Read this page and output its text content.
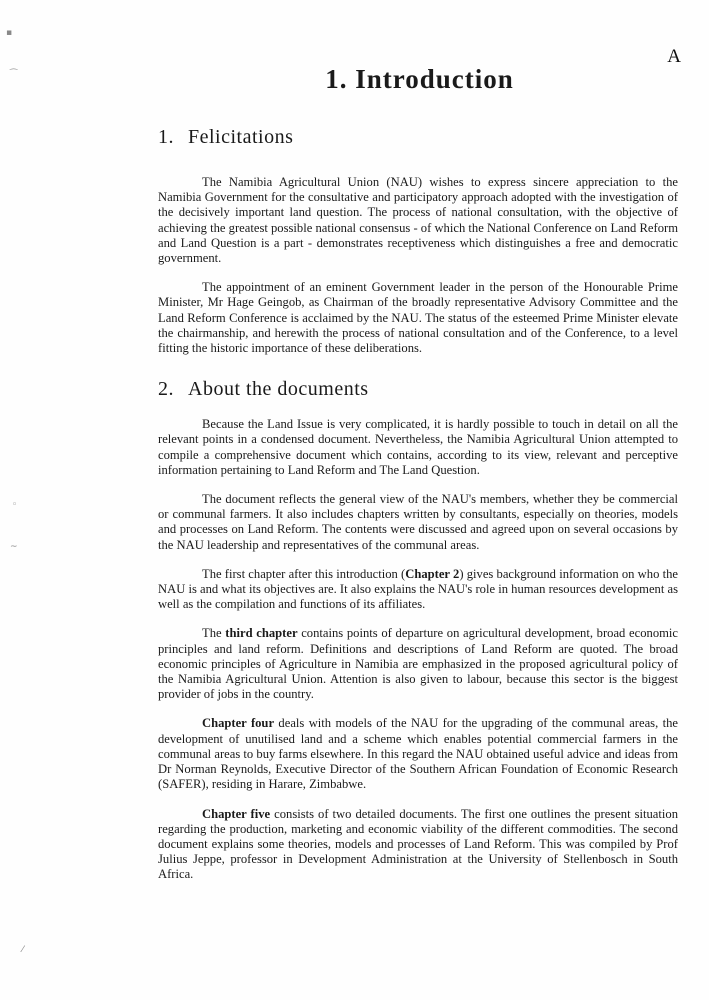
▪
⁀
◦
~
⁄
A
1. Introduction
1. Felicitations

The Namibia Agricultural Union (NAU) wishes to express sincere appreciation to the Namibia Government for the consultative and participatory approach adopted with the investigation of the decisively important land question. The process of national consultation, with the objective of achieving the greatest possible national consensus - of which the National Conference on Land Reform and Land Question is a part - demonstrates receptiveness which distinguishes a free and democratic government.

The appointment of an eminent Government leader in the person of the Honourable Prime Minister, Mr Hage Geingob, as Chairman of the broadly representative Advisory Committee and the Land Reform Conference is acclaimed by the NAU. The status of the esteemed Prime Minister elevate the chairmanship, and herewith the process of national consultation and of the Conference, to a level fitting the historic importance of these deliberations.

2. About the documents

Because the Land Issue is very complicated, it is hardly possible to touch in detail on all the relevant points in a condensed document. Nevertheless, the Namibia Agricultural Union attempted to compile a comprehensive document which contains, according to its view, relevant and perceptive information pertaining to Land Reform and The Land Question.

The document reflects the general view of the NAU's members, whether they be commercial or communal farmers. It also includes chapters written by consultants, especially on theories, models and processes on Land Reform. The contents were discussed and agreed upon on several occasions by the NAU leadership and representatives of the communal areas.

The first chapter after this introduction (Chapter 2) gives background information on who the NAU is and what its objectives are. It also explains the NAU's role in human resources development as well as the compilation and functions of its affiliates.

The third chapter contains points of departure on agricultural development, broad economic principles and land reform. Definitions and descriptions of Land Reform are quoted. The broad economic principles of Agriculture in Namibia are emphasized in the proposed agricultural policy of the Namibia Agricultural Union. Attention is also given to labour, because this sector is the biggest provider of jobs in the country.

Chapter four deals with models of the NAU for the upgrading of the communal areas, the development of unutilised land and a scheme which enables potential commercial farmers in the communal areas to buy farms elsewhere. In this regard the NAU obtained useful advice and ideas from Dr Norman Reynolds, Executive Director of the Southern African Foundation of Economic Research (SAFER), residing in Harare, Zimbabwe.

Chapter five consists of two detailed documents. The first one outlines the present situation regarding the production, marketing and economic viability of the different commodities. The second document explains some theories, models and processes of Land Reform. This was compiled by Prof Julius Jeppe, professor in Development Administration at the University of Stellenbosch in South Africa.
